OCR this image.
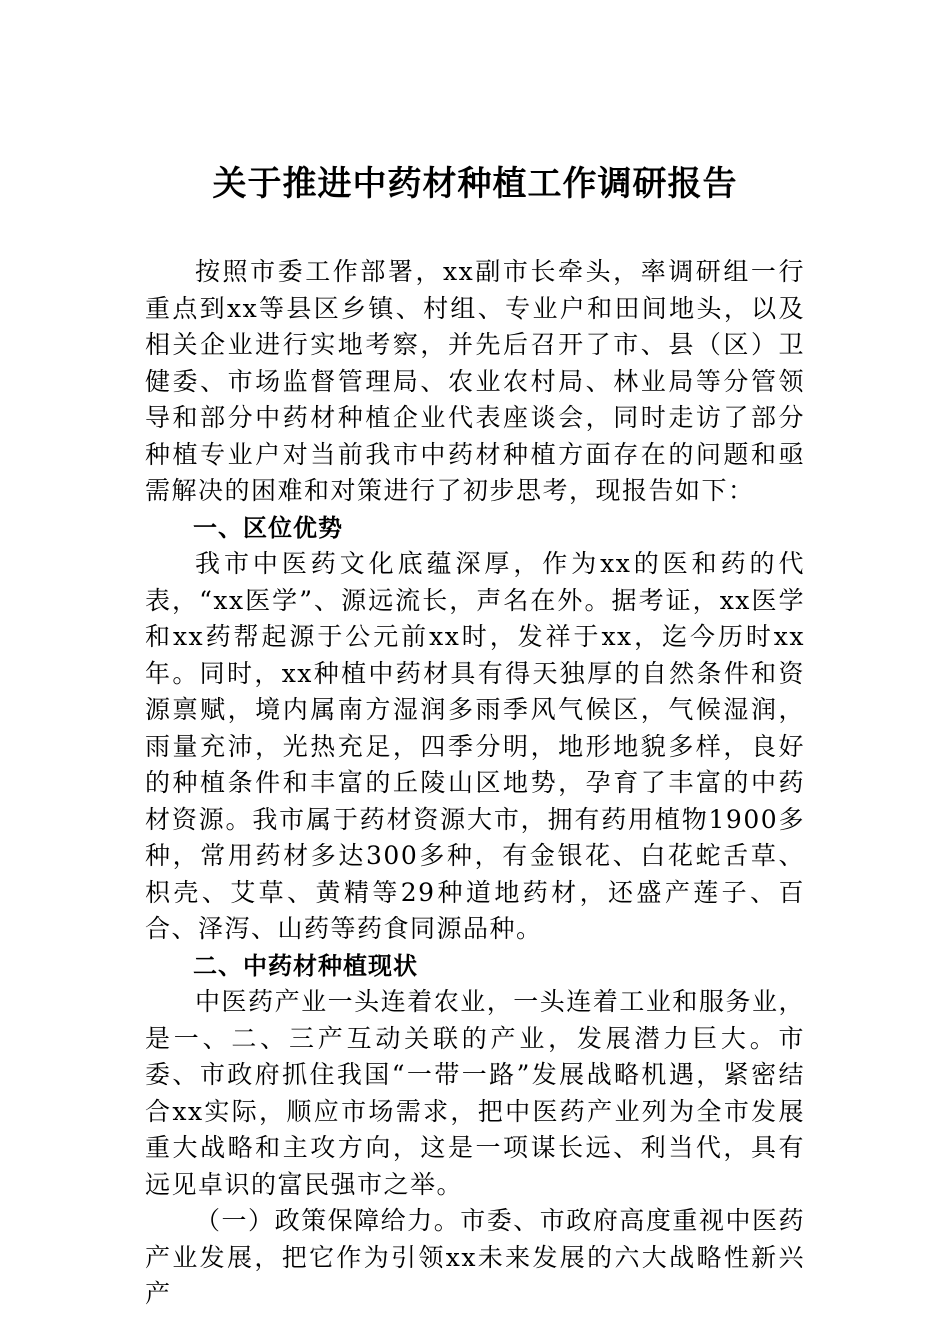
关于推进中药材种植工作调研报告

按照市委工作部署，xx副市长牵头，率调研组一行重点到xx等县区乡镇、村组、专业户和田间地头，以及相关企业进行实地考察，并先后召开了市、县（区）卫健委、市场监督管理局、农业农村局、林业局等分管领导和部分中药材种植企业代表座谈会，同时走访了部分种植专业户对当前我市中药材种植方面存在的问题和亟需解决的困难和对策进行了初步思考，现报告如下：

一、区位优势

我市中医药文化底蕴深厚，作为xx的医和药的代表，“xx医学”、源远流长，声名在外。据考证，xx医学和xx药帮起源于公元前xx时，发祥于xx，迄今历时xx年。同时，xx种植中药材具有得天独厚的自然条件和资源禀赋，境内属南方湿润多雨季风气候区，气候湿润，雨量充沛，光热充足，四季分明，地形地貌多样，良好的种植条件和丰富的丘陵山区地势，孕育了丰富的中药材资源。我市属于药材资源大市，拥有药用植物1900多种，常用药材多达300多种，有金银花、白花蛇舌草、枳壳、艾草、黄精等29种道地药材，还盛产莲子、百合、泽泻、山药等药食同源品种。

二、中药材种植现状

中医药产业一头连着农业，一头连着工业和服务业，是一、二、三产互动关联的产业，发展潜力巨大。市委、市政府抓住我国“一带一路”发展战略机遇，紧密结合xx实际，顺应市场需求，把中医药产业列为全市发展重大战略和主攻方向，这是一项谋长远、利当代，具有远见卓识的富民强市之举。

（一）政策保障给力。市委、市政府高度重视中医药产业发展，把它作为引领xx未来发展的六大战略性新兴产
